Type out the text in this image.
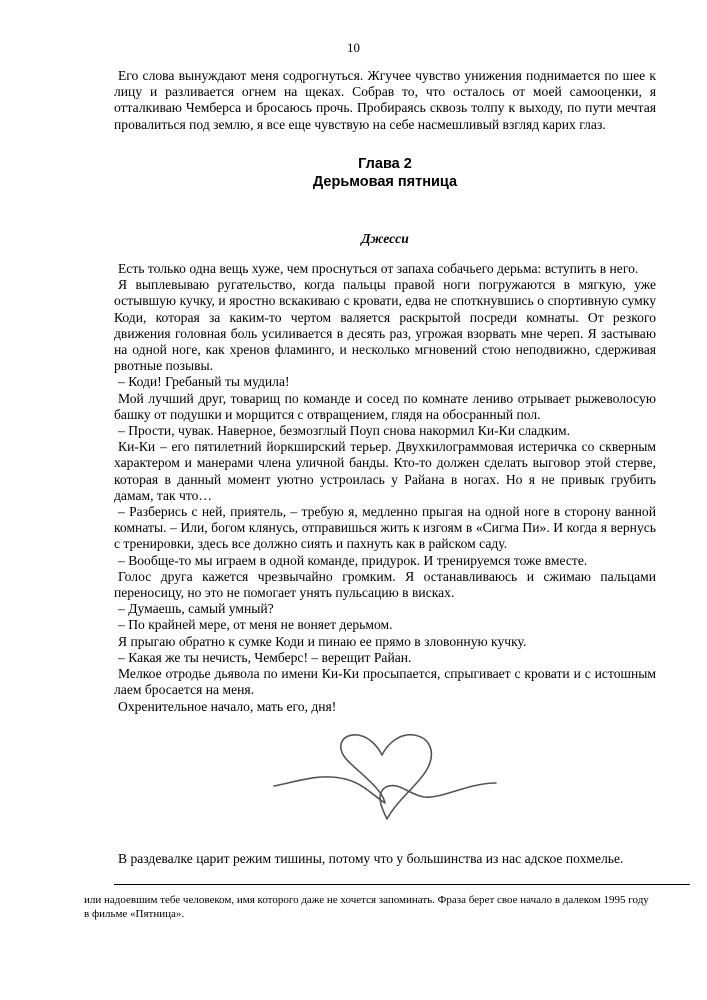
10

Его слова вынуждают меня содрогнуться. Жгучее чувство унижения поднимается по шее к лицу и разливается огнем на щеках. Собрав то, что осталось от моей самооценки, я отталкиваю Чемберса и бросаюсь прочь. Пробираясь сквозь толпу к выходу, по пути мечтая провалиться под землю, я все еще чувствую на себе насмешливый взгляд карих глаз.

Глава 2
Дерьмовая пятница
Джесси

Есть только одна вещь хуже, чем проснуться от запаха собачьего дерьма: вступить в него.

Я выплевываю ругательство, когда пальцы правой ноги погружаются в мягкую, уже остывшую кучку, и яростно вскакиваю с кровати, едва не споткнувшись о спортивную сумку Коди, которая за каким-то чертом валяется раскрытой посреди комнаты. От резкого движения головная боль усиливается в десять раз, угрожая взорвать мне череп. Я застываю на одной ноге, как хренов фламинго, и несколько мгновений стою неподвижно, сдерживая рвотные позывы.

– Коди! Гребаный ты мудила!

Мой лучший друг, товарищ по команде и сосед по комнате лениво отрывает рыжеволосую башку от подушки и морщится с отвращением, глядя на обосранный пол.

– Прости, чувак. Наверное, безмозглый Поуп снова накормил Ки-Ки сладким.

Ки-Ки – его пятилетний йоркширский терьер. Двухкилограммовая истеричка со скверным характером и манерами члена уличной банды. Кто-то должен сделать выговор этой стерве, которая в данный момент уютно устроилась у Райана в ногах. Но я не привык грубить дамам, так что…

– Разберись с ней, приятель, – требую я, медленно прыгая на одной ноге в сторону ванной комнаты. – Или, богом клянусь, отправишься жить к изгоям в «Сигма Пи». И когда я вернусь с тренировки, здесь все должно сиять и пахнуть как в райском саду.

– Вообще-то мы играем в одной команде, придурок. И тренируемся тоже вместе.

Голос друга кажется чрезвычайно громким. Я останавливаюсь и сжимаю пальцами переносицу, но это не помогает унять пульсацию в висках.

– Думаешь, самый умный?

– По крайней мере, от меня не воняет дерьмом.

Я прыгаю обратно к сумке Коди и пинаю ее прямо в зловонную кучку.

– Какая же ты нечисть, Чемберс! – верещит Райан.

Мелкое отродье дьявола по имени Ки-Ки просыпается, спрыгивает с кровати и с истошным лаем бросается на меня.

Охренительное начало, мать его, дня!

В раздевалке царит режим тишины, потому что у большинства из нас адское похмелье.

или надоевшим тебе человеком, имя которого даже не хочется запоминать. Фраза берет свое начало в далеком 1995 году в фильме «Пятница».
